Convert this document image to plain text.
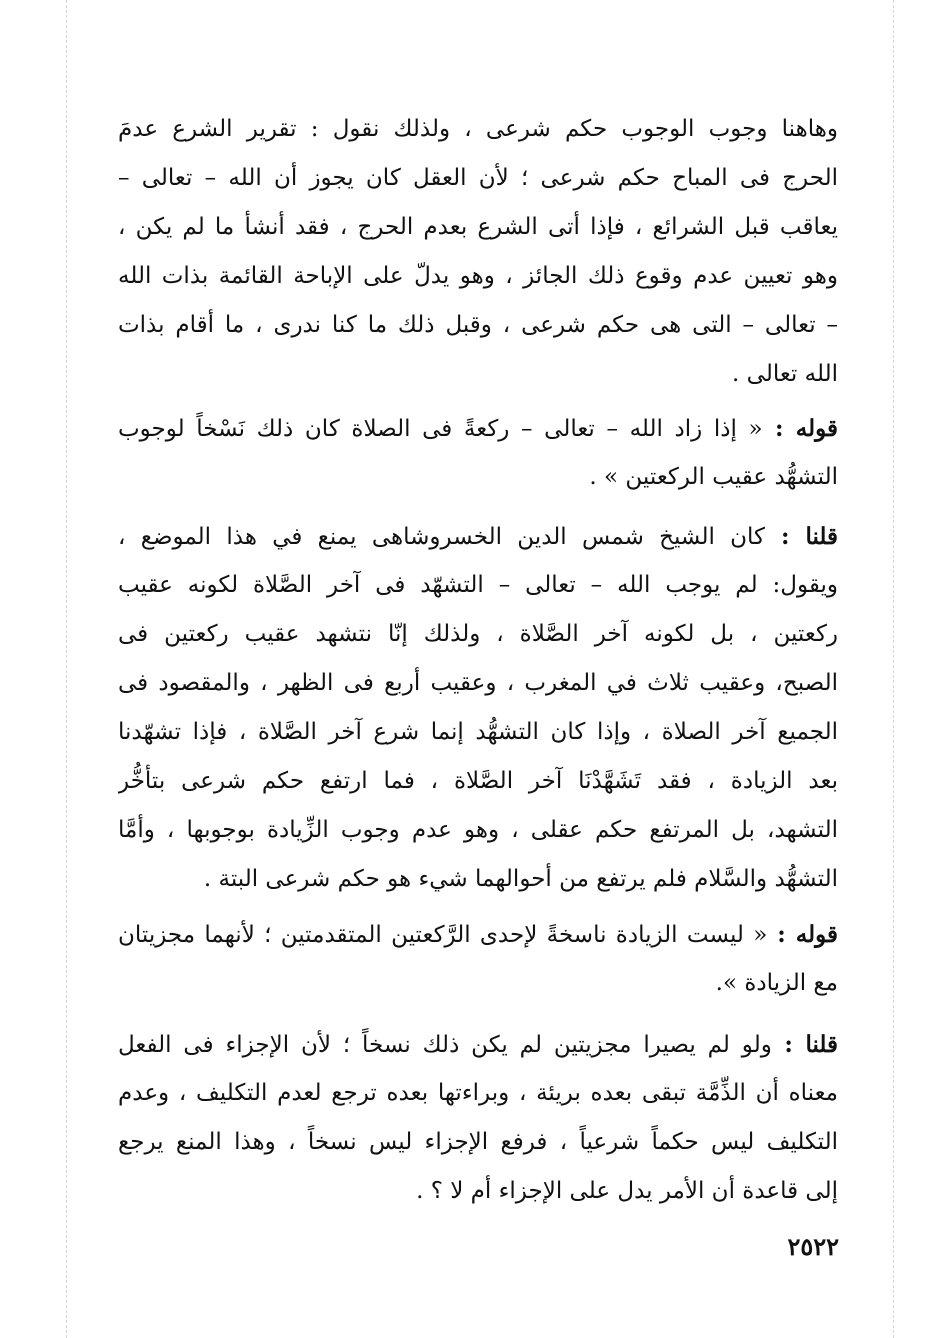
وهاهنا وجوب الوجوب حكم شرعى ، ولذلك نقول : تقرير الشرع عدمَ
الحرج فى المباح حكم شرعى ؛ لأن العقل كان يجوز أن الله – تعالى –
يعاقب قبل الشرائع ، فإذا أتى الشرع بعدم الحرج ، فقد أنشأ ما لم يكن ،
وهو تعيين عدم وقوع ذلك الجائز ، وهو يدلّ على الإباحة القائمة بذات الله
– تعالى – التى هى حكم شرعى ، وقبل ذلك ما كنا ندرى ، ما أقام بذات
الله تعالى .
قوله : « إذا زاد الله – تعالى – ركعةً فى الصلاة كان ذلك نَسْخاً لوجوب
التشهُّد عقيب الركعتين » .
قلنا : كان الشيخ شمس الدين الخسروشاهى يمنع في هذا الموضع ،
ويقول: لم يوجب الله – تعالى – التشهّد فى آخر الصَّلاة لكونه عقيب
ركعتين ، بل لكونه آخر الصَّلاة ، ولذلك إنّا نتشهد عقيب ركعتين فى
الصبح، وعقيب ثلاث في المغرب ، وعقيب أربع فى الظهر ، والمقصود فى
الجميع آخر الصلاة ، وإذا كان التشهُّد إنما شرع آخر الصَّلاة ، فإذا تشهّدنا
بعد الزيادة ، فقد تَشَهَّدْنَا آخر الصَّلاة ، فما ارتفع حكم شرعى بتأخُّر
التشهد، بل المرتفع حكم عقلى ، وهو عدم وجوب الزِّيادة بوجوبها ، وأمَّا
التشهُّد والسَّلام فلم يرتفع من أحوالهما شيء هو حكم شرعى البتة .
قوله : « ليست الزيادة ناسخةً لإحدى الرَّكعتين المتقدمتين ؛ لأنهما مجزيتان
مع الزيادة ».
قلنا : ولو لم يصيرا مجزيتين لم يكن ذلك نسخاً ؛ لأن الإجزاء فى الفعل
معناه أن الذِّمَّة تبقى بعده بريئة ، وبراءتها بعده ترجع لعدم التكليف ، وعدم
التكليف ليس حكماً شرعياً ، فرفع الإجزاء ليس نسخاً ، وهذا المنع يرجع
إلى قاعدة أن الأمر يدل على الإجزاء أم لا ؟ .
٢٥٢٢
